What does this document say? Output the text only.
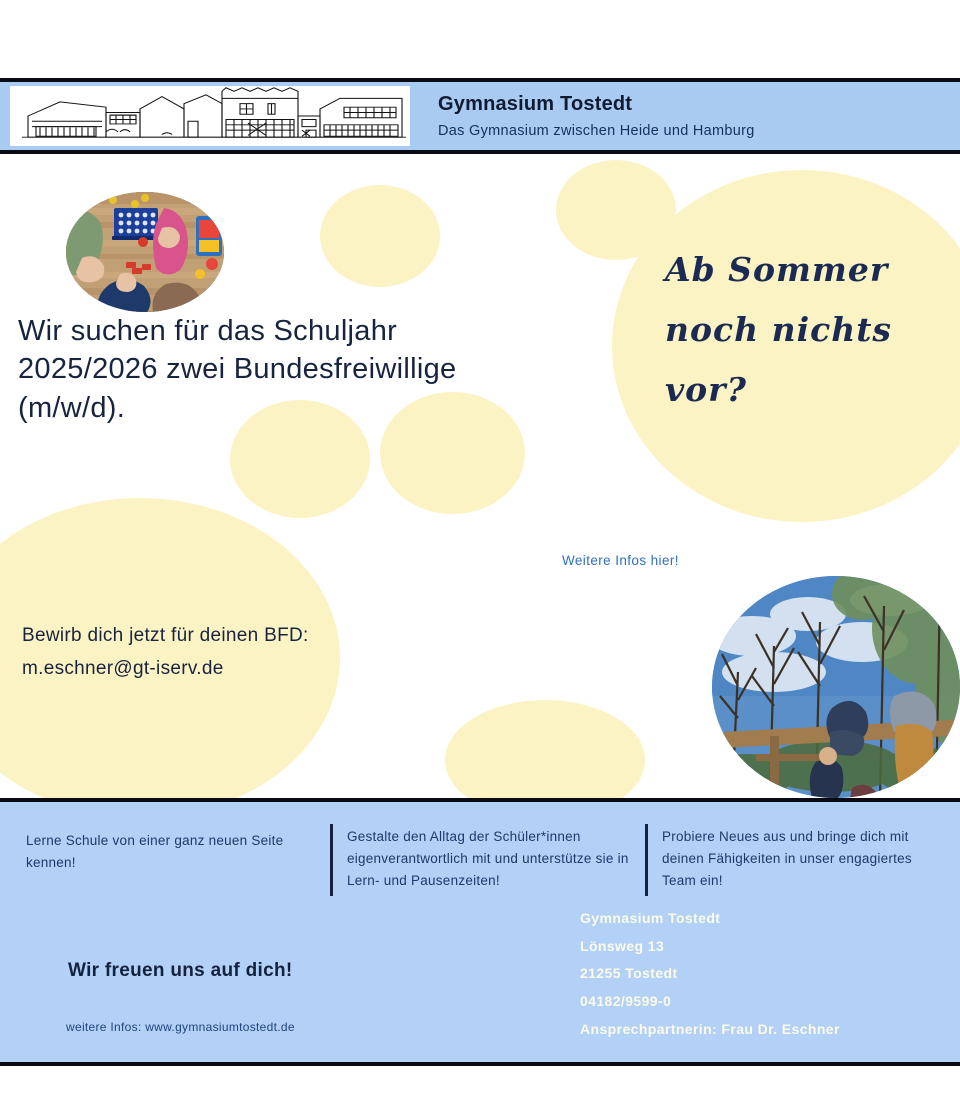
Gymnasium Tostedt
Das Gymnasium zwischen Heide und Hamburg
Wir suchen für das Schuljahr
2025/2026 zwei Bundesfreiwillige
(m/w/d).
Ab Sommer
noch nichts
vor?
Weitere Infos hier!
Bewirb dich jetzt für deinen BFD:
m.eschner@gt-iserv.de
Lerne Schule von einer ganz neuen Seite kennen!
Gestalte den Alltag der Schüler*innen eigenverantwortlich mit und unterstütze sie in Lern- und Pausenzeiten!
Probiere Neues aus und bringe dich mit deinen Fähigkeiten in unser engagiertes Team ein!
Wir freuen uns auf dich!
weitere Infos: www.gymnasiumtostedt.de
Gymnasium Tostedt
Lönsweg 13
21255 Tostedt
04182/9599-0
Ansprechpartnerin: Frau Dr. Eschner
